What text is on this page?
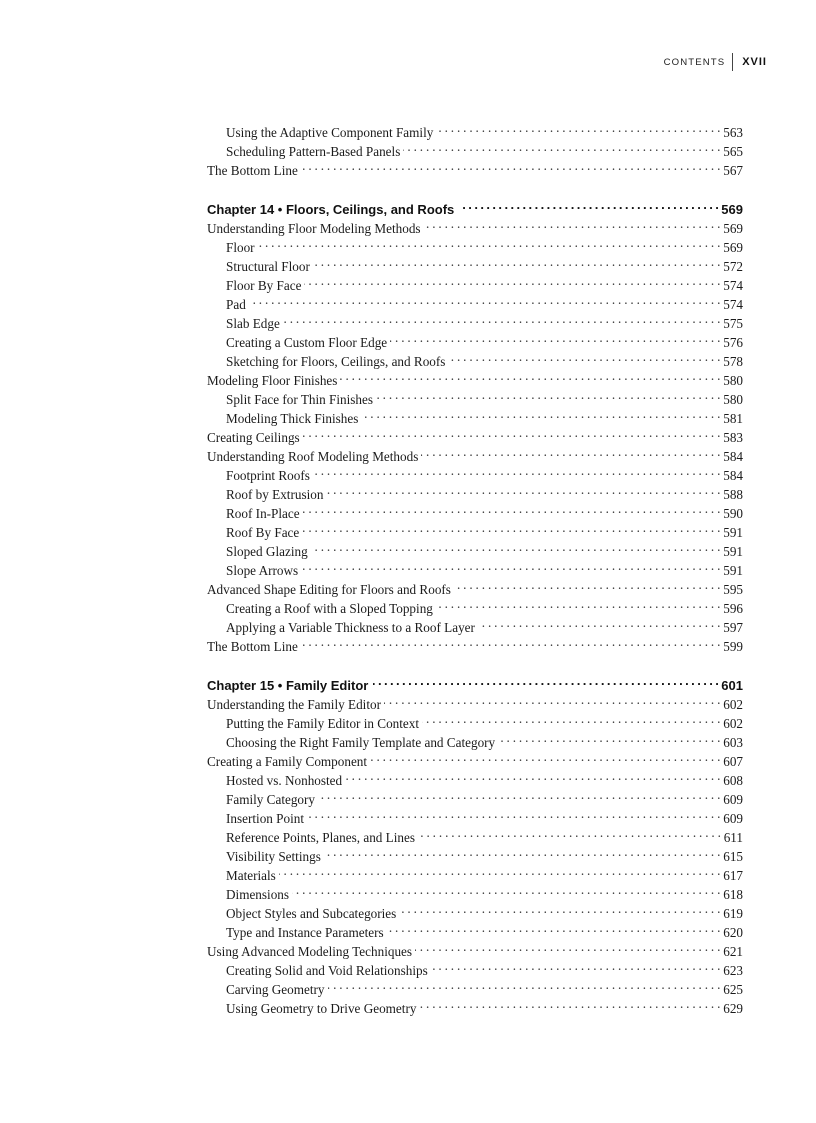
CONTENTS	XVII
Using the Adaptive Component Family . . .	563
Scheduling Pattern-Based Panels . . .	565
The Bottom Line . . .	567
Chapter 14 • Floors, Ceilings, and Roofs . . .	569
Understanding Floor Modeling Methods . . .	569
Floor . . .	569
Structural Floor . . .	572
Floor By Face . . .	574
Pad . . .	574
Slab Edge . . .	575
Creating a Custom Floor Edge . . .	576
Sketching for Floors, Ceilings, and Roofs . . .	578
Modeling Floor Finishes . . .	580
Split Face for Thin Finishes . . .	580
Modeling Thick Finishes . . .	581
Creating Ceilings . . .	583
Understanding Roof Modeling Methods . . .	584
Footprint Roofs . . .	584
Roof by Extrusion . . .	588
Roof In-Place . . .	590
Roof By Face . . .	591
Sloped Glazing . . .	591
Slope Arrows . . .	591
Advanced Shape Editing for Floors and Roofs . . .	595
Creating a Roof with a Sloped Topping . . .	596
Applying a Variable Thickness to a Roof Layer . . .	597
The Bottom Line . . .	599
Chapter 15 • Family Editor . . .	601
Understanding the Family Editor . . .	602
Putting the Family Editor in Context . . .	602
Choosing the Right Family Template and Category . . .	603
Creating a Family Component . . .	607
Hosted vs. Nonhosted . . .	608
Family Category . . .	609
Insertion Point . . .	609
Reference Points, Planes, and Lines . . .	611
Visibility Settings . . .	615
Materials . . .	617
Dimensions . . .	618
Object Styles and Subcategories . . .	619
Type and Instance Parameters . . .	620
Using Advanced Modeling Techniques . . .	621
Creating Solid and Void Relationships . . .	623
Carving Geometry . . .	625
Using Geometry to Drive Geometry . . .	629
